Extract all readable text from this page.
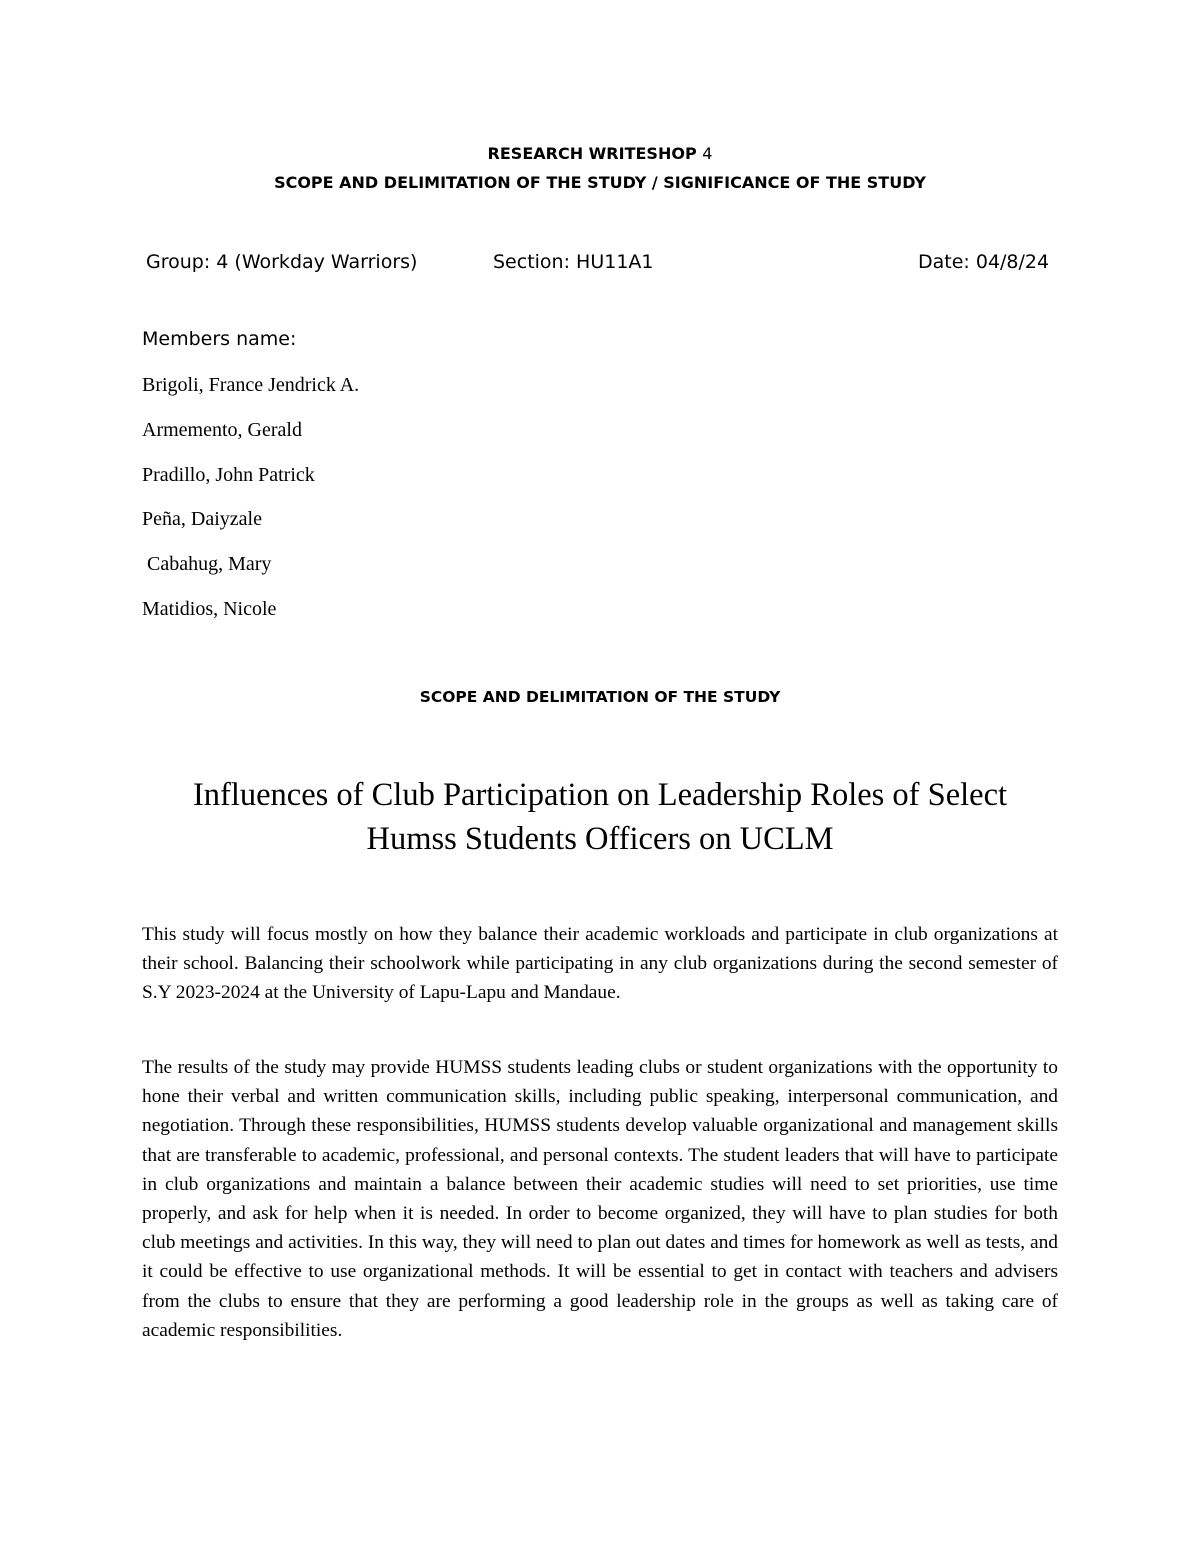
RESEARCH WRITESHOP 4
SCOPE AND DELIMITATION OF THE STUDY / SIGNIFICANCE OF THE STUDY
Group: 4 (Workday Warriors)	Section: HU11A1	Date: 04/8/24
Members name:
Brigoli, France Jendrick A.
Armemento, Gerald
Pradillo, John Patrick
Peña, Daiyzale
Cabahug, Mary
Matidios, Nicole
SCOPE AND DELIMITATION OF THE STUDY
Influences of Club Participation on Leadership Roles of Select
Humss Students Officers on UCLM

This study will focus mostly on how they balance their academic workloads and participate in club organizations at their school. Balancing their schoolwork while participating in any club organizations during the second semester of S.Y 2023-2024 at the University of Lapu-Lapu and Mandaue.

The results of the study may provide HUMSS students leading clubs or student organizations with the opportunity to hone their verbal and written communication skills, including public speaking, interpersonal communication, and negotiation. Through these responsibilities, HUMSS students develop valuable organizational and management skills that are transferable to academic, professional, and personal contexts. The student leaders that will have to participate in club organizations and maintain a balance between their academic studies will need to set priorities, use time properly, and ask for help when it is needed. In order to become organized, they will have to plan studies for both club meetings and activities. In this way, they will need to plan out dates and times for homework as well as tests, and it could be effective to use organizational methods. It will be essential to get in contact with teachers and advisers from the clubs to ensure that they are performing a good leadership role in the groups as well as taking care of academic responsibilities.
